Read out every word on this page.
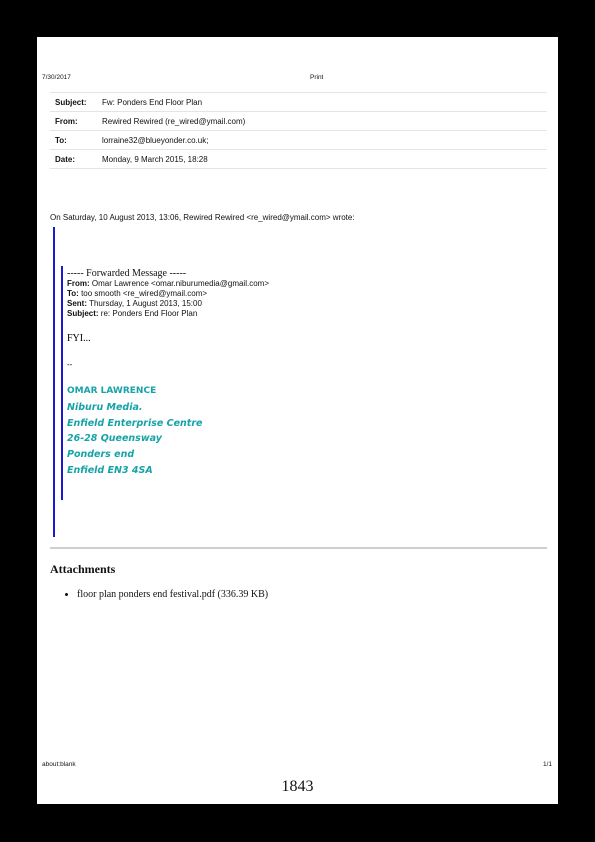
7/30/2017	Print
Subject:	Fw: Ponders End Floor Plan
From:	Rewired Rewired (re_wired@ymail.com)
To:	lorraine32@blueyonder.co.uk;
Date:	Monday, 9 March 2015, 18:28
On Saturday, 10 August 2013, 13:06, Rewired Rewired <re_wired@ymail.com> wrote:
----- Forwarded Message -----
From: Omar Lawrence <omar.niburumedia@gmail.com>
To: too smooth <re_wired@ymail.com>
Sent: Thursday, 1 August 2013, 15:00
Subject: re: Ponders End Floor Plan
FYI...
--
OMAR LAWRENCE
Niburu Media.
Enfield Enterprise Centre
26-28 Queensway
Ponders end
Enfield EN3 4SA
Attachments
floor plan ponders end festival.pdf (336.39 KB)
about:blank	1/1
1843
